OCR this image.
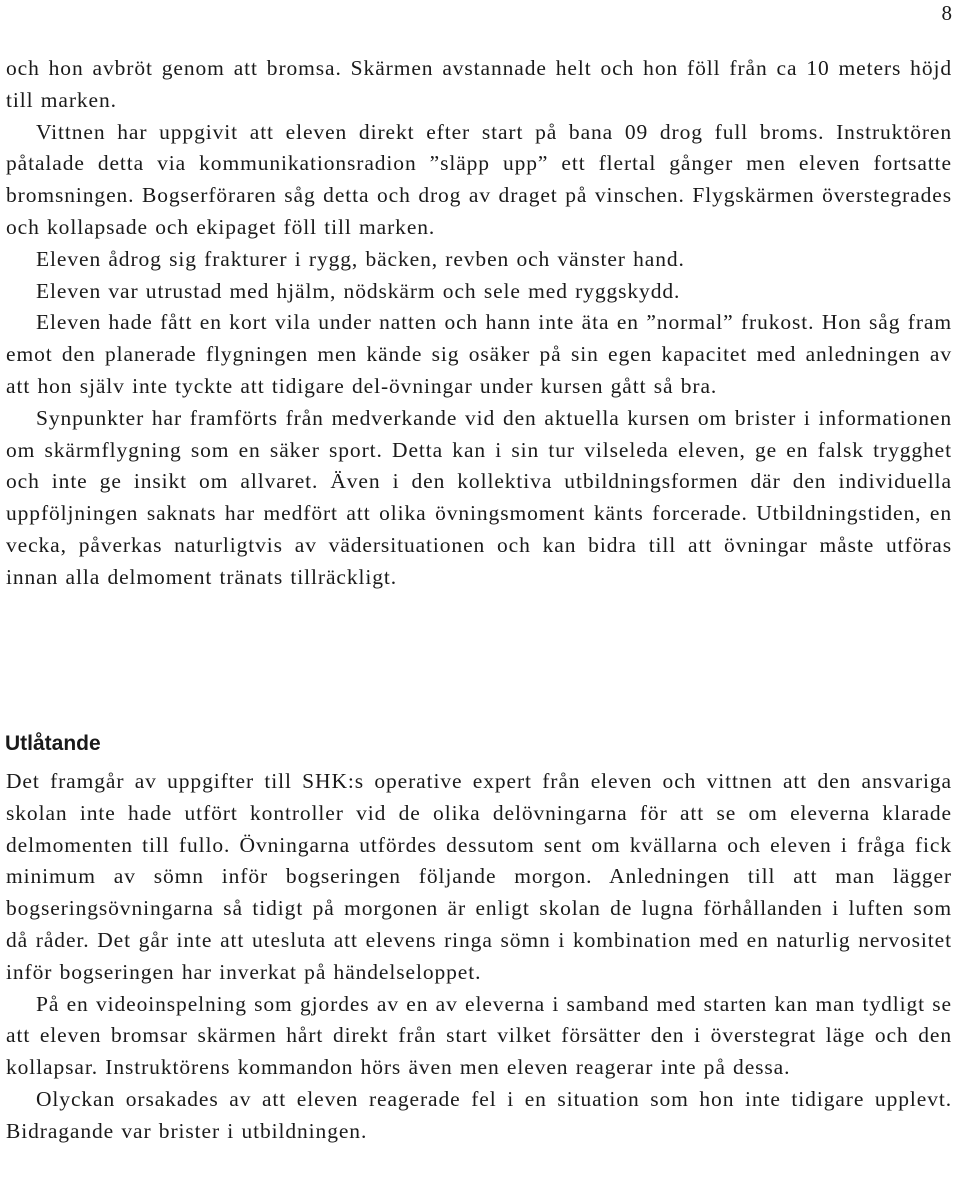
8

och hon avbröt genom att bromsa. Skärmen avstannade helt och hon föll från ca 10 meters höjd till marken.

Vittnen har uppgivit att eleven direkt efter start på bana 09 drog full broms. Instruktören påtalade detta via kommunikationsradion ”släpp upp” ett flertal gånger men eleven fortsatte bromsningen. Bogserföraren såg detta och drog av draget på vinschen. Flygskärmen överstegrades och kollapsade och ekipaget föll till marken.

Eleven ådrog sig frakturer i rygg, bäcken, revben och vänster hand.

Eleven var utrustad med hjälm, nödskärm och sele med ryggskydd.

Eleven hade fått en kort vila under natten och hann inte äta en ”normal” frukost. Hon såg fram emot den planerade flygningen men kände sig osäker på sin egen kapacitet med anledningen av att hon själv inte tyckte att tidigare del-övningar under kursen gått så bra.

Synpunkter har framförts från medverkande vid den aktuella kursen om brister i informationen om skärmflygning som en säker sport. Detta kan i sin tur vilseleda eleven, ge en falsk trygghet och inte ge insikt om allvaret. Även i den kollektiva utbildningsformen där den individuella uppföljningen saknats har medfört att olika övningsmoment känts forcerade. Utbildningstiden, en vecka, påverkas naturligtvis av vädersituationen och kan bidra till att övningar måste utföras innan alla delmoment tränats tillräckligt.

Utlåtande

Det framgår av uppgifter till SHK:s operative expert från eleven och vittnen att den ansvariga skolan inte hade utfört kontroller vid de olika delövningarna för att se om eleverna klarade delmomenten till fullo. Övningarna utfördes dessutom sent om kvällarna och eleven i fråga fick minimum av sömn inför bogseringen följande morgon. Anledningen till att man lägger bogseringsövningarna så tidigt på morgonen är enligt skolan de lugna förhållanden i luften som då råder. Det går inte att utesluta att elevens ringa sömn i kombination med en naturlig nervositet inför bogseringen har inverkat på händelseloppet.

På en videoinspelning som gjordes av en av eleverna i samband med starten kan man tydligt se att eleven bromsar skärmen hårt direkt från start vilket försätter den i överstegrat läge och den kollapsar. Instruktörens kommandon hörs även men eleven reagerar inte på dessa.

Olyckan orsakades av att eleven reagerade fel i en situation som hon inte tidigare upplevt. Bidragande var brister i utbildningen.
